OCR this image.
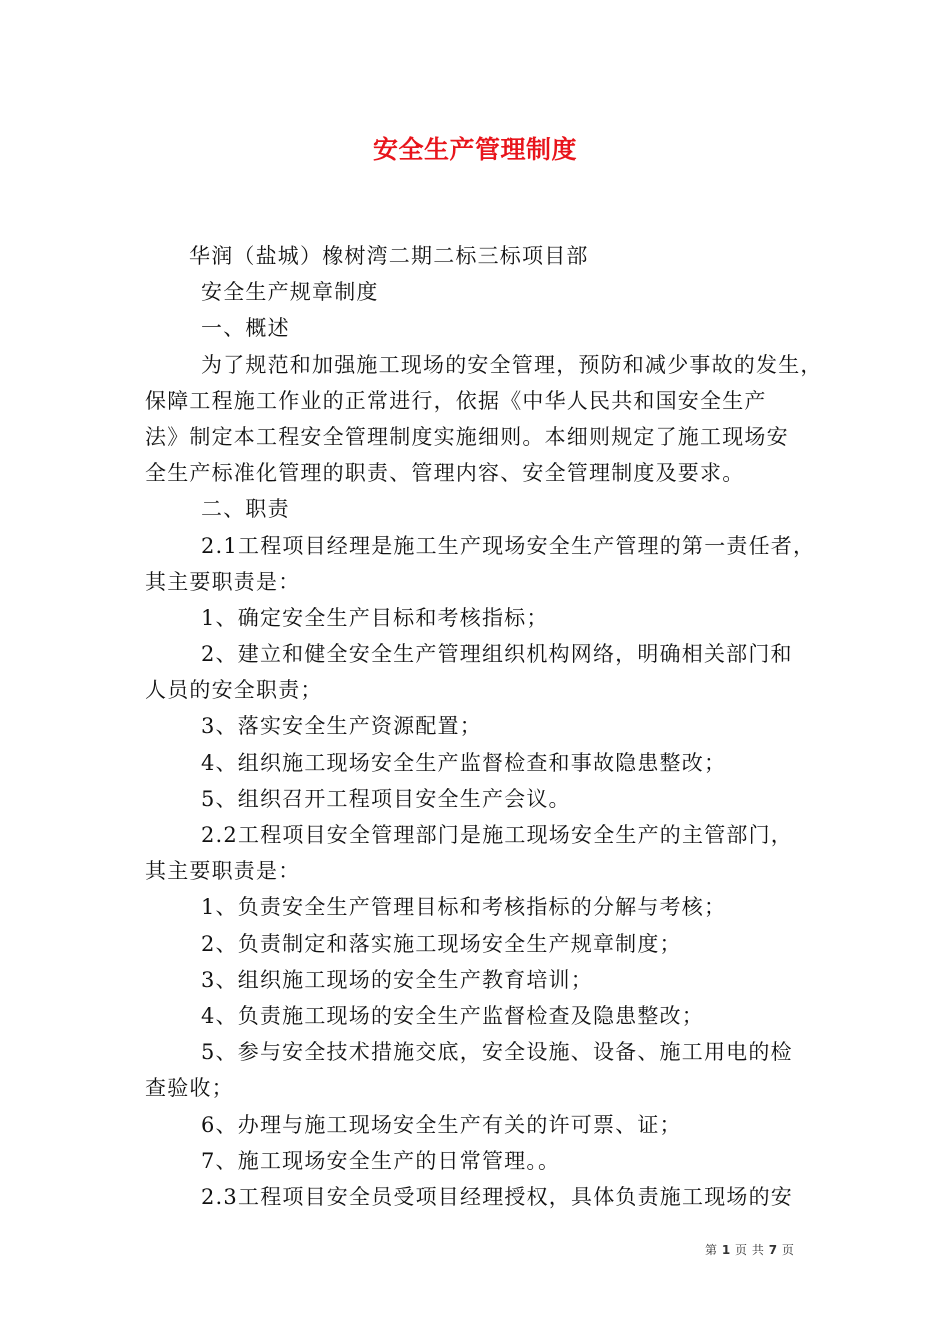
安全生产管理制度
华润（盐城）橡树湾二期二标三标项目部
安全生产规章制度
一、概述
为了规范和加强施工现场的安全管理，预防和减少事故的发生，
保障工程施工作业的正常进行，依据《中华人民共和国安全生产
法》制定本工程安全管理制度实施细则。本细则规定了施工现场安
全生产标准化管理的职责、管理内容、安全管理制度及要求。
二、职责
2.1工程项目经理是施工生产现场安全生产管理的第一责任者，
其主要职责是：
1、确定安全生产目标和考核指标；
2、建立和健全安全生产管理组织机构网络，明确相关部门和
人员的安全职责；
3、落实安全生产资源配置；
4、组织施工现场安全生产监督检查和事故隐患整改；
5、组织召开工程项目安全生产会议。
2.2工程项目安全管理部门是施工现场安全生产的主管部门，
其主要职责是：
1、负责安全生产管理目标和考核指标的分解与考核；
2、负责制定和落实施工现场安全生产规章制度；
3、组织施工现场的安全生产教育培训；
4、负责施工现场的安全生产监督检查及隐患整改；
5、参与安全技术措施交底，安全设施、设备、施工用电的检
查验收；
6、办理与施工现场安全生产有关的许可票、证；
7、施工现场安全生产的日常管理。。
2.3工程项目安全员受项目经理授权，具体负责施工现场的安
第 1 页 共 7 页
